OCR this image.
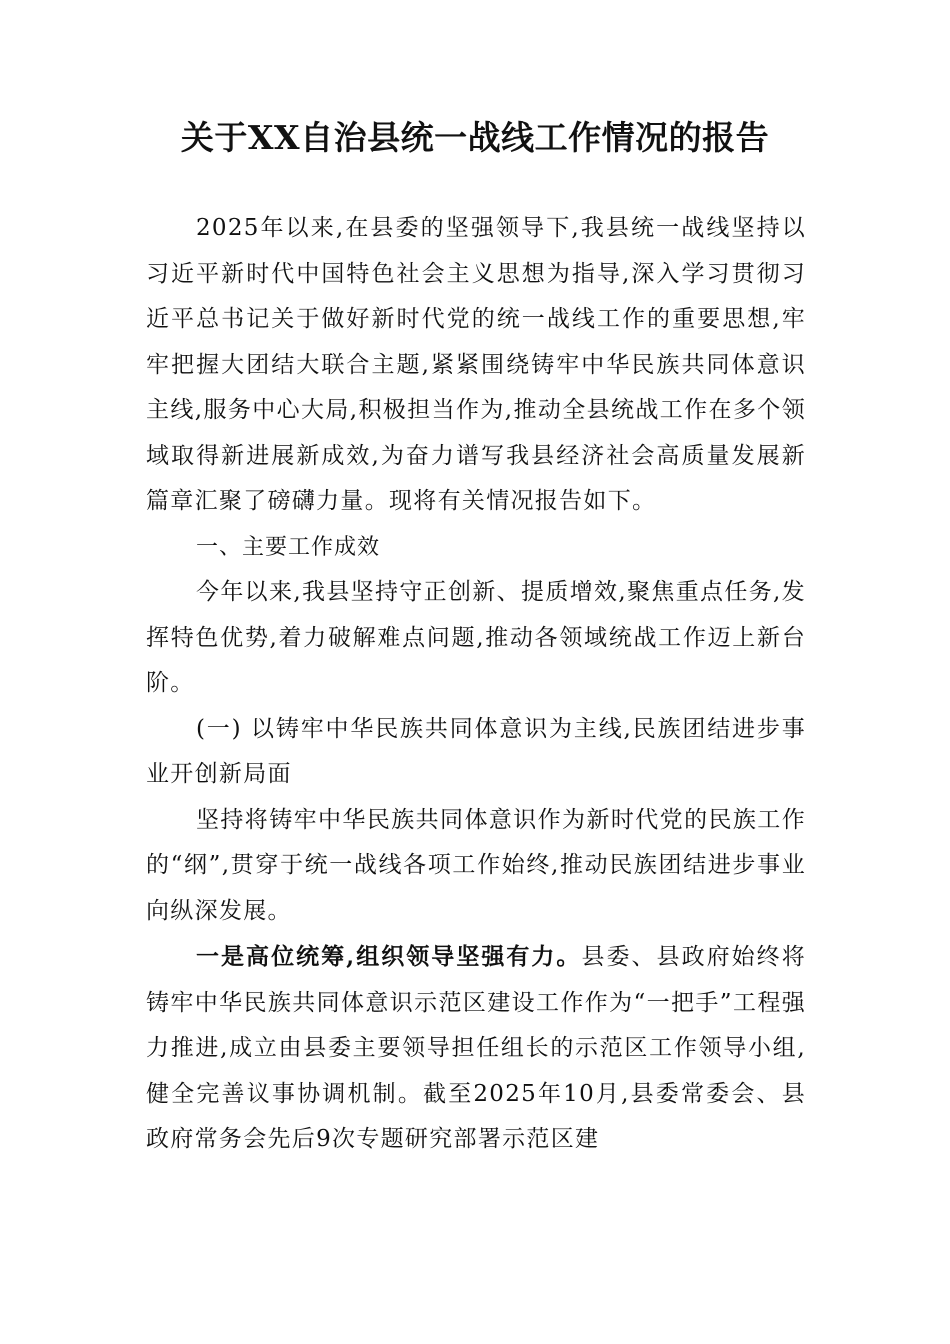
关于XX自治县统一战线工作情况的报告

2025年以来,在县委的坚强领导下,我县统一战线坚持以习近平新时代中国特色社会主义思想为指导,深入学习贯彻习近平总书记关于做好新时代党的统一战线工作的重要思想,牢牢把握大团结大联合主题,紧紧围绕铸牢中华民族共同体意识主线,服务中心大局,积极担当作为,推动全县统战工作在多个领域取得新进展新成效,为奋力谱写我县经济社会高质量发展新篇章汇聚了磅礴力量。现将有关情况报告如下。

一、主要工作成效

今年以来,我县坚持守正创新、提质增效,聚焦重点任务,发挥特色优势,着力破解难点问题,推动各领域统战工作迈上新台阶。

(一) 以铸牢中华民族共同体意识为主线,民族团结进步事业开创新局面

坚持将铸牢中华民族共同体意识作为新时代党的民族工作的“纲”,贯穿于统一战线各项工作始终,推动民族团结进步事业向纵深发展。

一是高位统筹,组织领导坚强有力。县委、县政府始终将铸牢中华民族共同体意识示范区建设工作作为“一把手”工程强力推进,成立由县委主要领导担任组长的示范区工作领导小组,健全完善议事协调机制。截至2025年10月,县委常委会、县政府常务会先后9次专题研究部署示范区建
